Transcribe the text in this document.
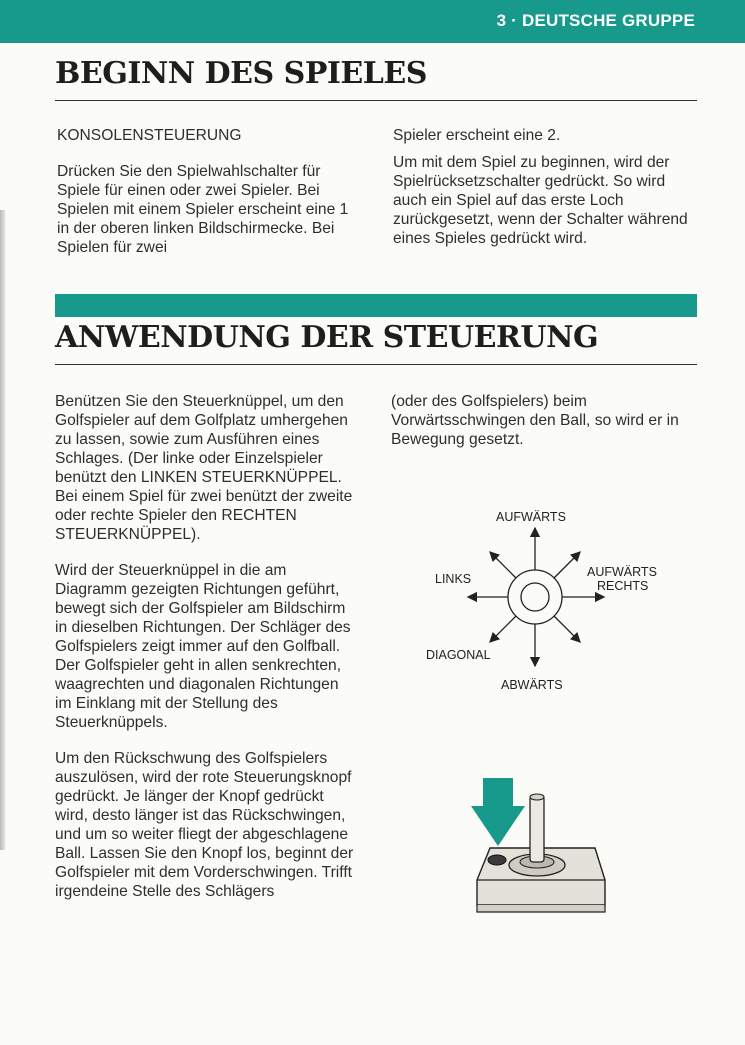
3 · DEUTSCHE GRUPPE
BEGINN DES SPIELES

KONSOLENSTEUERUNG

Drücken Sie den Spielwahlschalter für Spiele für einen oder zwei Spieler. Bei Spielen mit einem Spieler erscheint eine 1 in der oberen linken Bildschirmecke. Bei Spielen für zwei

Spieler erscheint eine 2.

Um mit dem Spiel zu beginnen, wird der Spielrücksetzschalter gedrückt. So wird auch ein Spiel auf das erste Loch zurückgesetzt, wenn der Schalter während eines Spieles gedrückt wird.

ANWENDUNG DER STEUERUNG

Benützen Sie den Steuerknüppel, um den Golfspieler auf dem Golfplatz umhergehen zu lassen, sowie zum Ausführen eines Schlages. (Der linke oder Einzelspieler benützt den LINKEN STEUERKNÜPPEL. Bei einem Spiel für zwei benützt der zweite oder rechte Spieler den RECHTEN STEUERKNÜPPEL).

Wird der Steuerknüppel in die am Diagramm gezeigten Richtungen geführt, bewegt sich der Golfspieler am Bildschirm in dieselben Richtungen. Der Schläger des Golfspielers zeigt immer auf den Golfball. Der Golfspieler geht in allen senkrechten, waagrechten und diagonalen Richtungen im Einklang mit der Stellung des Steuerknüppels.

Um den Rückschwung des Golfspielers auszulösen, wird der rote Steuerungsknopf gedrückt. Je länger der Knopf gedrückt wird, desto länger ist das Rückschwingen, und um so weiter fliegt der abgeschlagene Ball. Lassen Sie den Knopf los, beginnt der Golfspieler mit dem Vorderschwingen. Trifft irgendeine Stelle des Schlägers

(oder des Golfspielers) beim Vorwärtsschwingen den Ball, so wird er in Bewegung gesetzt.

AUFWÄRTS
AUFWÄRTS
RECHTS
LINKS
DIAGONAL
ABWÄRTS
